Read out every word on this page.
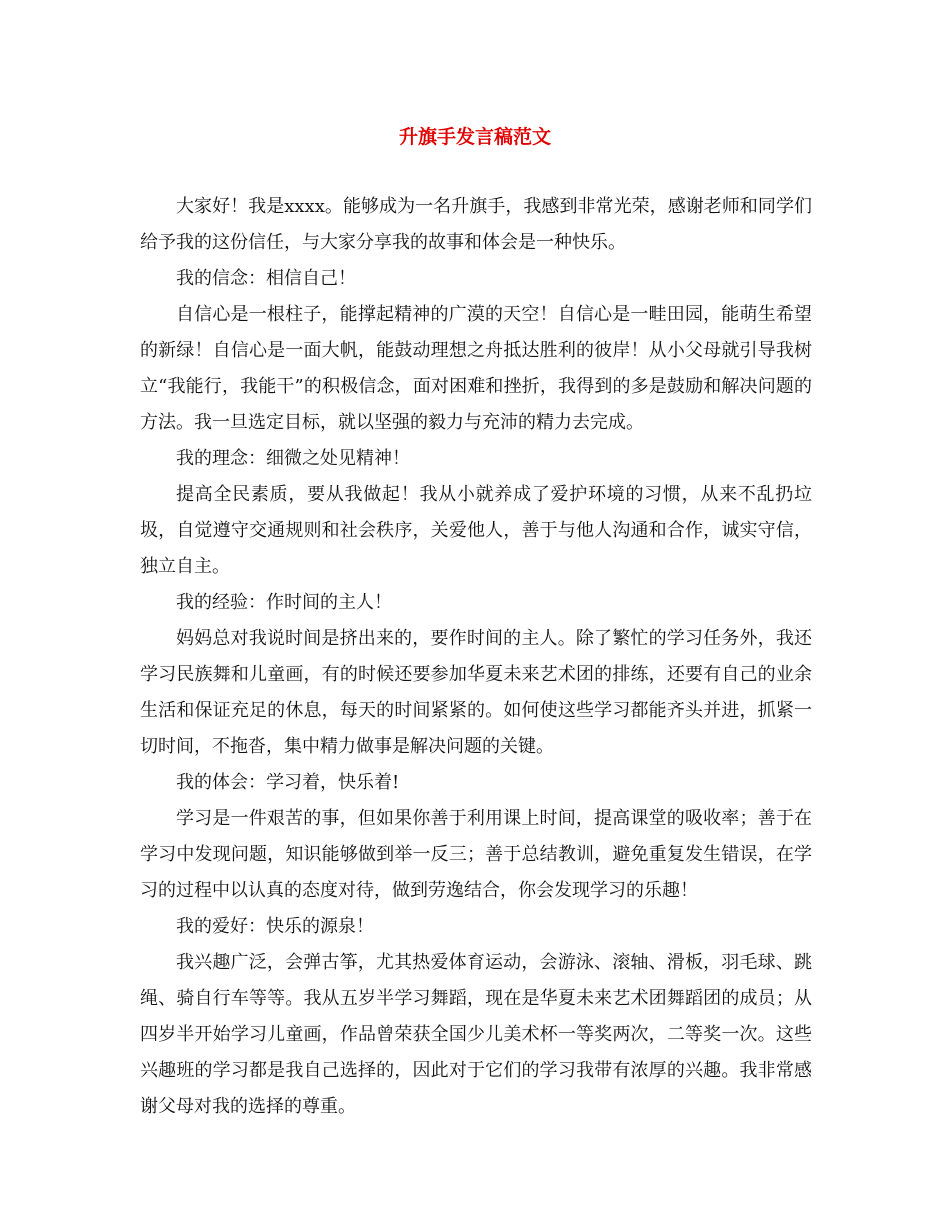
升旗手发言稿范文

大家好！我是xxxx。能够成为一名升旗手，我感到非常光荣，感谢老师和同学们给予我的这份信任，与大家分享我的故事和体会是一种快乐。

我的信念：相信自己！

自信心是一根柱子，能撑起精神的广漠的天空！自信心是一畦田园，能萌生希望的新绿！自信心是一面大帆，能鼓动理想之舟抵达胜利的彼岸！从小父母就引导我树立“我能行，我能干”的积极信念，面对困难和挫折，我得到的多是鼓励和解决问题的方法。我一旦选定目标，就以坚强的毅力与充沛的精力去完成。

我的理念：细微之处见精神！

提高全民素质，要从我做起！我从小就养成了爱护环境的习惯，从来不乱扔垃圾，自觉遵守交通规则和社会秩序，关爱他人，善于与他人沟通和合作，诚实守信，独立自主。

我的经验：作时间的主人！

妈妈总对我说时间是挤出来的，要作时间的主人。除了繁忙的学习任务外，我还学习民族舞和儿童画，有的时候还要参加华夏未来艺术团的排练，还要有自己的业余生活和保证充足的休息，每天的时间紧紧的。如何使这些学习都能齐头并进，抓紧一切时间，不拖沓，集中精力做事是解决问题的关键。

我的体会：学习着，快乐着!

学习是一件艰苦的事，但如果你善于利用课上时间，提高课堂的吸收率；善于在学习中发现问题，知识能够做到举一反三；善于总结教训，避免重复发生错误，在学习的过程中以认真的态度对待，做到劳逸结合，你会发现学习的乐趣！

我的爱好：快乐的源泉！

我兴趣广泛，会弹古筝，尤其热爱体育运动，会游泳、滚轴、滑板，羽毛球、跳绳、骑自行车等等。我从五岁半学习舞蹈，现在是华夏未来艺术团舞蹈团的成员；从四岁半开始学习儿童画，作品曾荣获全国少儿美术杯一等奖两次，二等奖一次。这些兴趣班的学习都是我自己选择的，因此对于它们的学习我带有浓厚的兴趣。我非常感谢父母对我的选择的尊重。
